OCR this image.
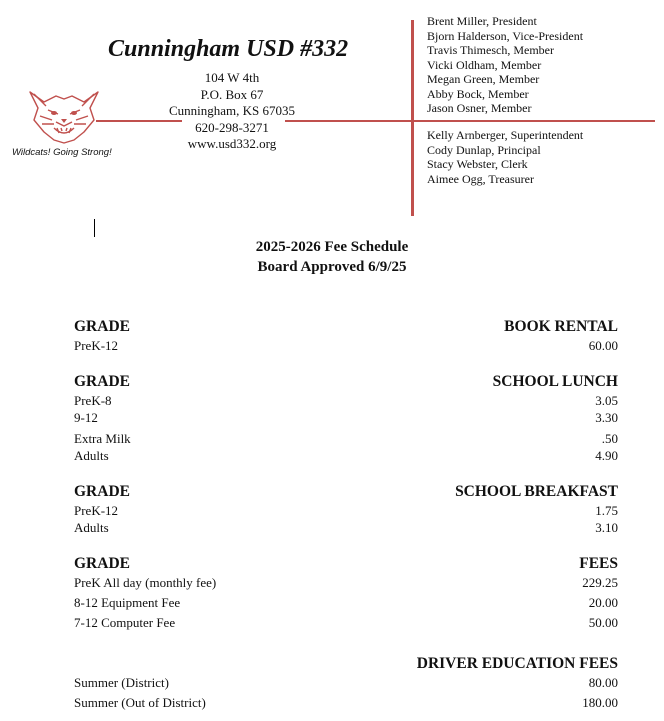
Cunningham USD #332
104 W 4th
P.O. Box 67
Cunningham, KS 67035
620-298-3271
www.usd332.org
Wildcats! Going Strong!
Brent Miller, President
Bjorn Halderson, Vice-President
Travis Thimesch, Member
Vicki Oldham, Member
Megan Green, Member
Abby Bock, Member
Jason Osner, Member
Kelly Arnberger, Superintendent
Cody Dunlap, Principal
Stacy Webster, Clerk
Aimee Ogg, Treasurer
2025-2026 Fee Schedule
Board Approved 6/9/25
GRADE	BOOK RENTAL
PreK-12	60.00
GRADE	SCHOOL LUNCH
PreK-8	3.05
9-12	3.30
Extra Milk	.50
Adults	4.90
GRADE	SCHOOL BREAKFAST
PreK-12	1.75
Adults	3.10
GRADE	FEES
PreK All day (monthly fee)	229.25
8-12 Equipment Fee	20.00
7-12 Computer Fee	50.00
DRIVER EDUCATION FEES
Summer (District)	80.00
Summer (Out of District)	180.00
